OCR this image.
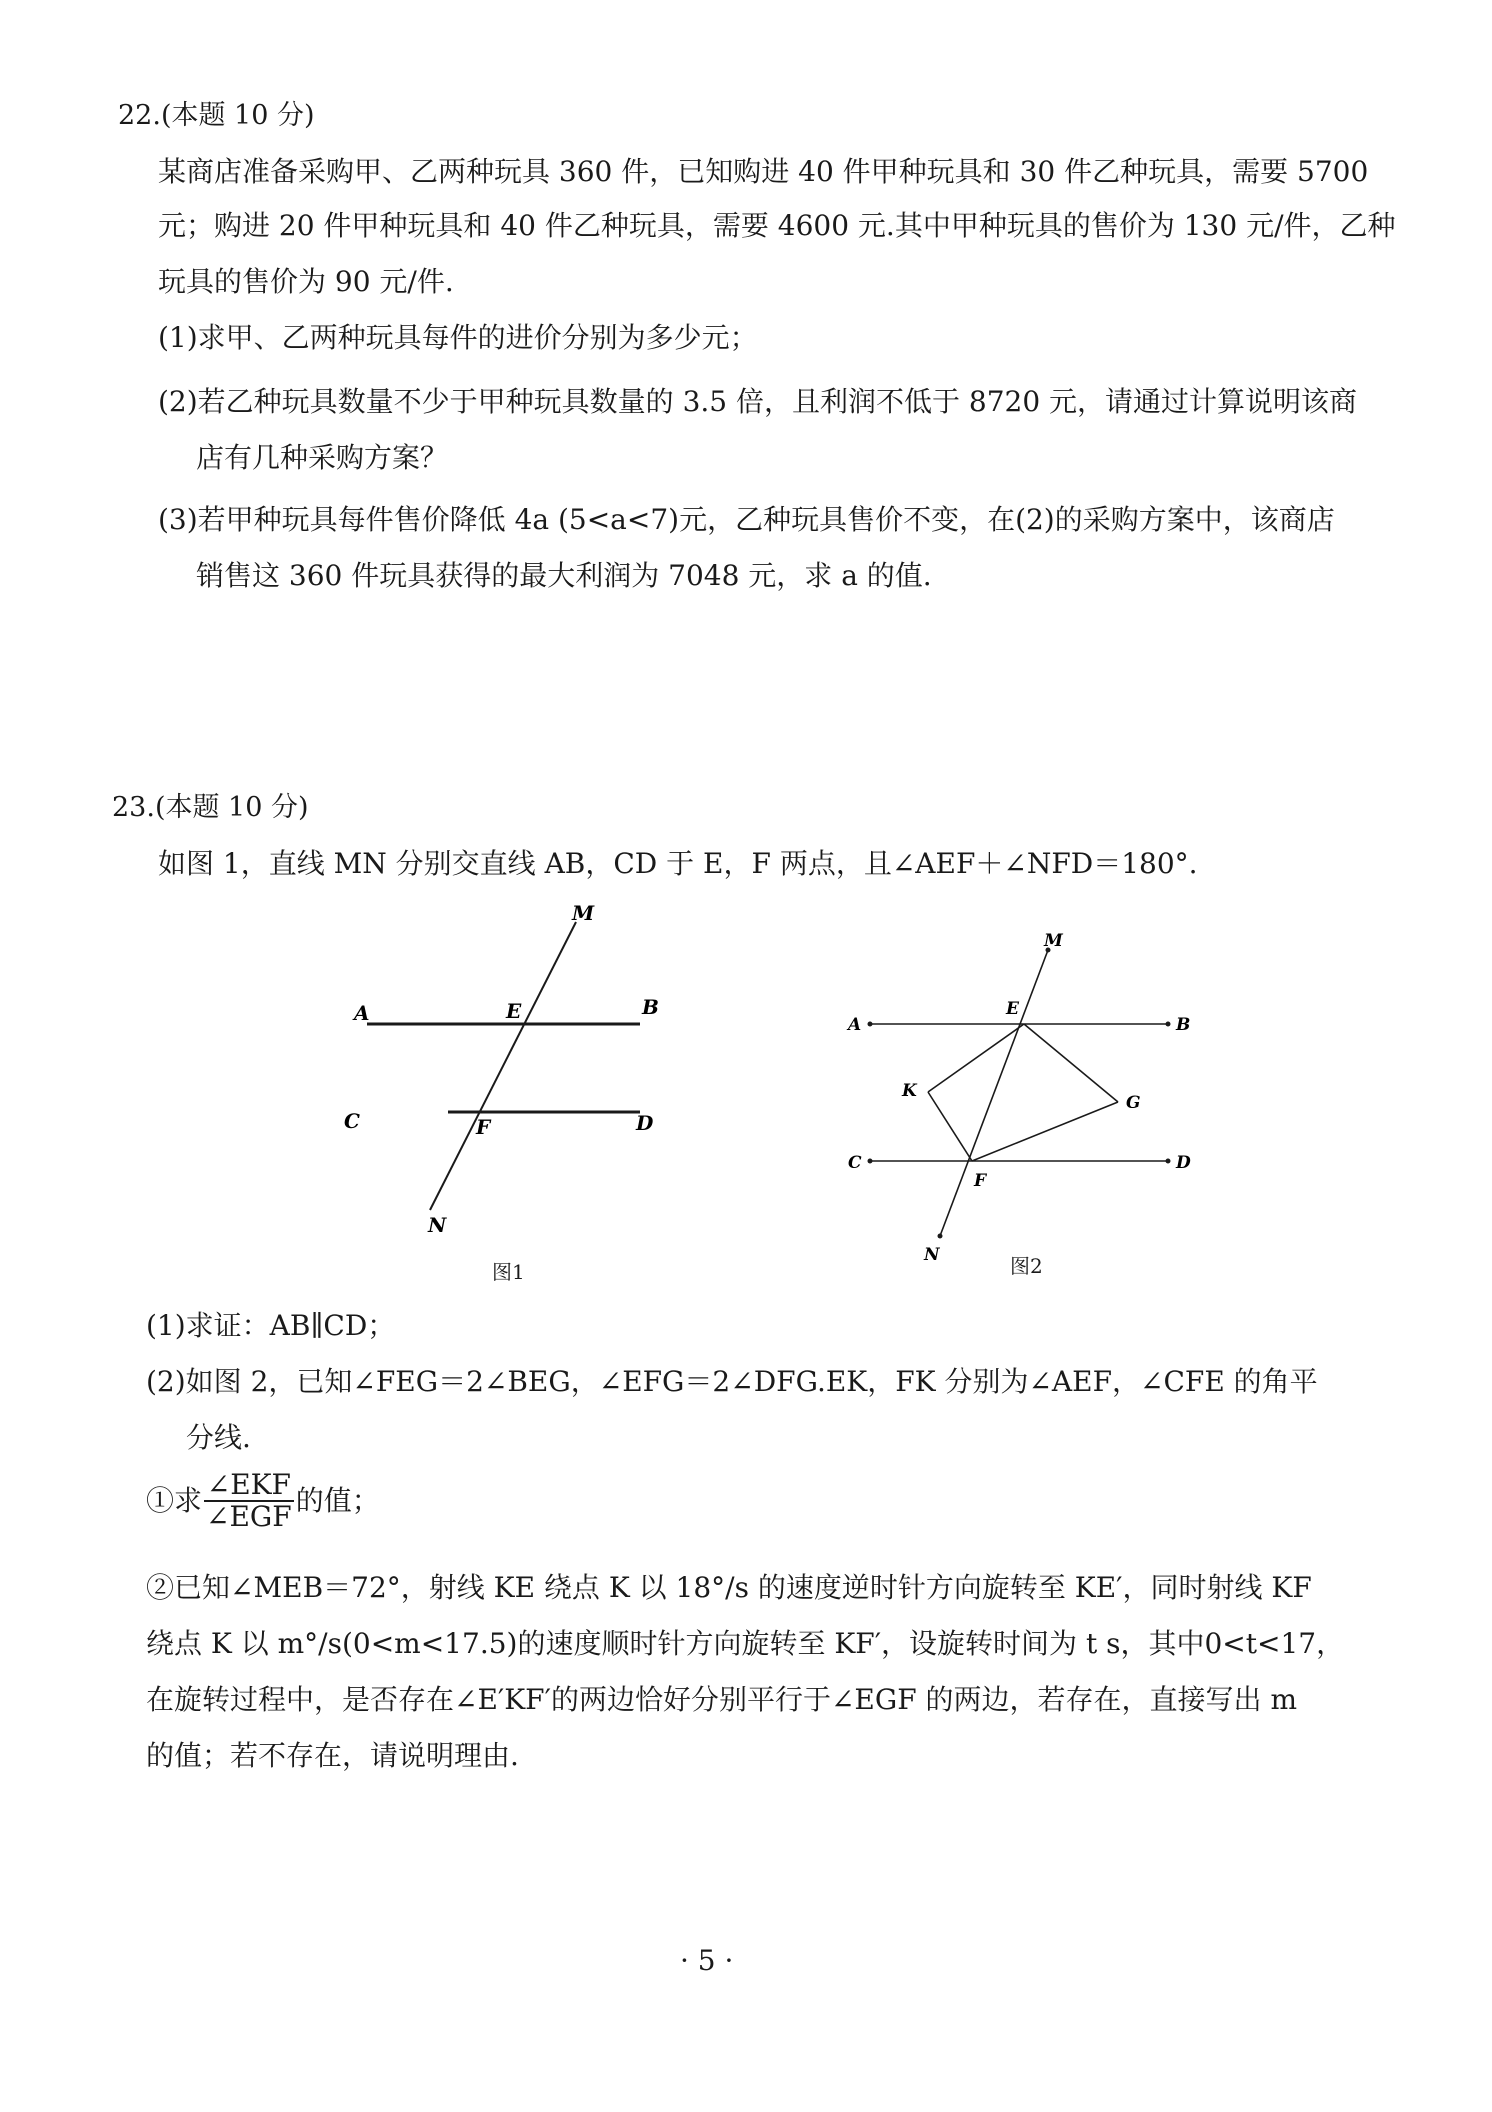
22.(本题 10 分)
某商店准备采购甲、乙两种玩具 360 件，已知购进 40 件甲种玩具和 30 件乙种玩具，需要 5700
元；购进 20 件甲种玩具和 40 件乙种玩具，需要 4600 元.其中甲种玩具的售价为 130 元/件，乙种
玩具的售价为 90 元/件.
(1)求甲、乙两种玩具每件的进价分别为多少元；
(2)若乙种玩具数量不少于甲种玩具数量的 3.5 倍，且利润不低于 8720 元，请通过计算说明该商
店有几种采购方案？
(3)若甲种玩具每件售价降低 4a (5<a<7)元，乙种玩具售价不变，在(2)的采购方案中，该商店
销售这 360 件玩具获得的最大利润为 7048 元，求 a 的值.
23.(本题 10 分)
如图 1，直线 MN 分别交直线 AB，CD 于 E，F 两点，且∠AEF＋∠NFD＝180°.
M
A	E	B
C	F	D
N
图1
M
A
E
B
K
G
C
F
D
N	图2
(1)求证：AB∥CD；
(2)如图 2，已知∠FEG＝2∠BEG，∠EFG＝2∠DFG.EK，FK 分别为∠AEF，∠CFE 的角平
分线.
①求 $\frac{\text{∠EKF}}{\text{∠EGF}}$ 的值；
②已知∠MEB＝72°，射线 KE 绕点 K 以 18°/s 的速度逆时针方向旋转至 KE′，同时射线 KF
绕点 K 以 m°/s(0<m<17.5)的速度顺时针方向旋转至 KF′，设旋转时间为 t s，其中0<t<17，
在旋转过程中，是否存在∠E′KF′的两边恰好分别平行于∠EGF 的两边，若存在，直接写出 m
的值；若不存在，请说明理由.
· 5 ·
